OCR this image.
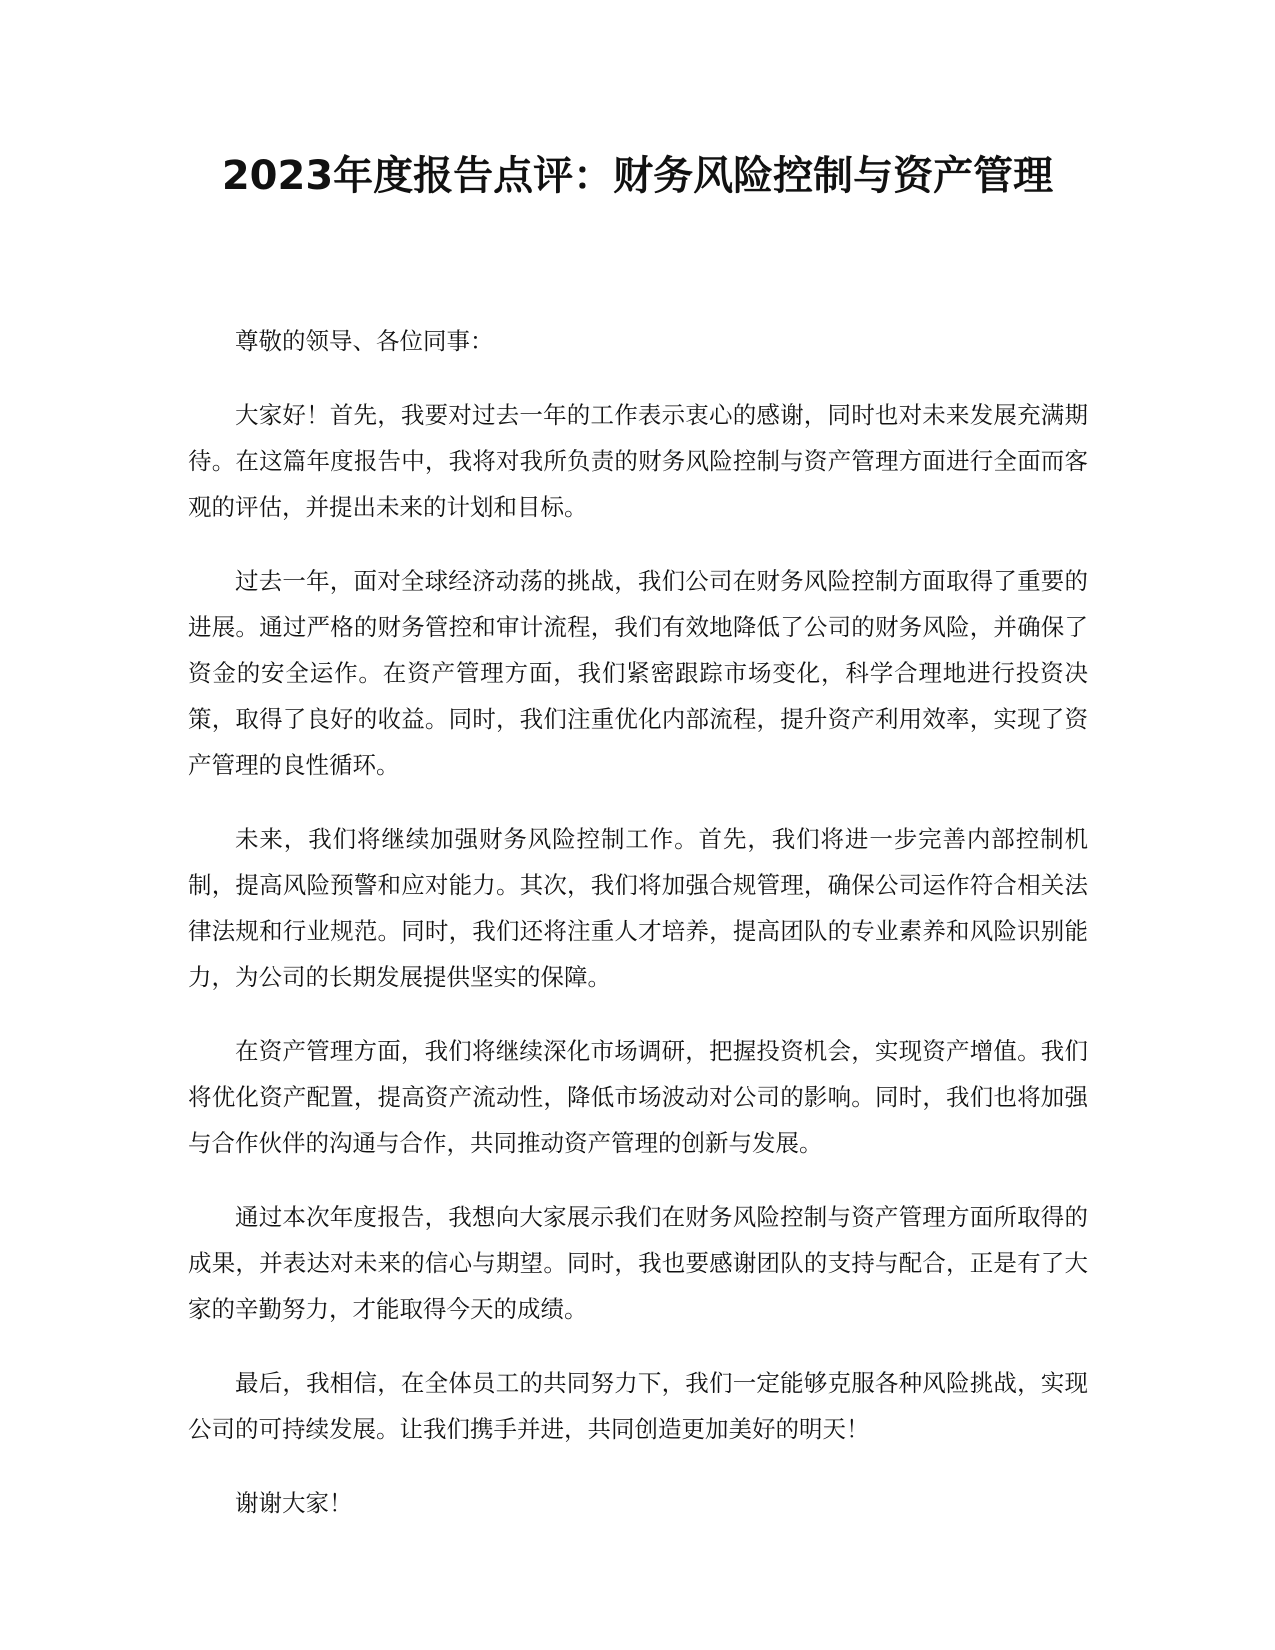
2023年度报告点评：财务风险控制与资产管理

尊敬的领导、各位同事：

大家好！首先，我要对过去一年的工作表示衷心的感谢，同时也对未来发展充满期待。在这篇年度报告中，我将对我所负责的财务风险控制与资产管理方面进行全面而客观的评估，并提出未来的计划和目标。

过去一年，面对全球经济动荡的挑战，我们公司在财务风险控制方面取得了重要的进展。通过严格的财务管控和审计流程，我们有效地降低了公司的财务风险，并确保了资金的安全运作。在资产管理方面，我们紧密跟踪市场变化，科学合理地进行投资决策，取得了良好的收益。同时，我们注重优化内部流程，提升资产利用效率，实现了资产管理的良性循环。

未来，我们将继续加强财务风险控制工作。首先，我们将进一步完善内部控制机制，提高风险预警和应对能力。其次，我们将加强合规管理，确保公司运作符合相关法律法规和行业规范。同时，我们还将注重人才培养，提高团队的专业素养和风险识别能力，为公司的长期发展提供坚实的保障。

在资产管理方面，我们将继续深化市场调研，把握投资机会，实现资产增值。我们将优化资产配置，提高资产流动性，降低市场波动对公司的影响。同时，我们也将加强与合作伙伴的沟通与合作，共同推动资产管理的创新与发展。

通过本次年度报告，我想向大家展示我们在财务风险控制与资产管理方面所取得的成果，并表达对未来的信心与期望。同时，我也要感谢团队的支持与配合，正是有了大家的辛勤努力，才能取得今天的成绩。

最后，我相信，在全体员工的共同努力下，我们一定能够克服各种风险挑战，实现公司的可持续发展。让我们携手并进，共同创造更加美好的明天！

谢谢大家！
